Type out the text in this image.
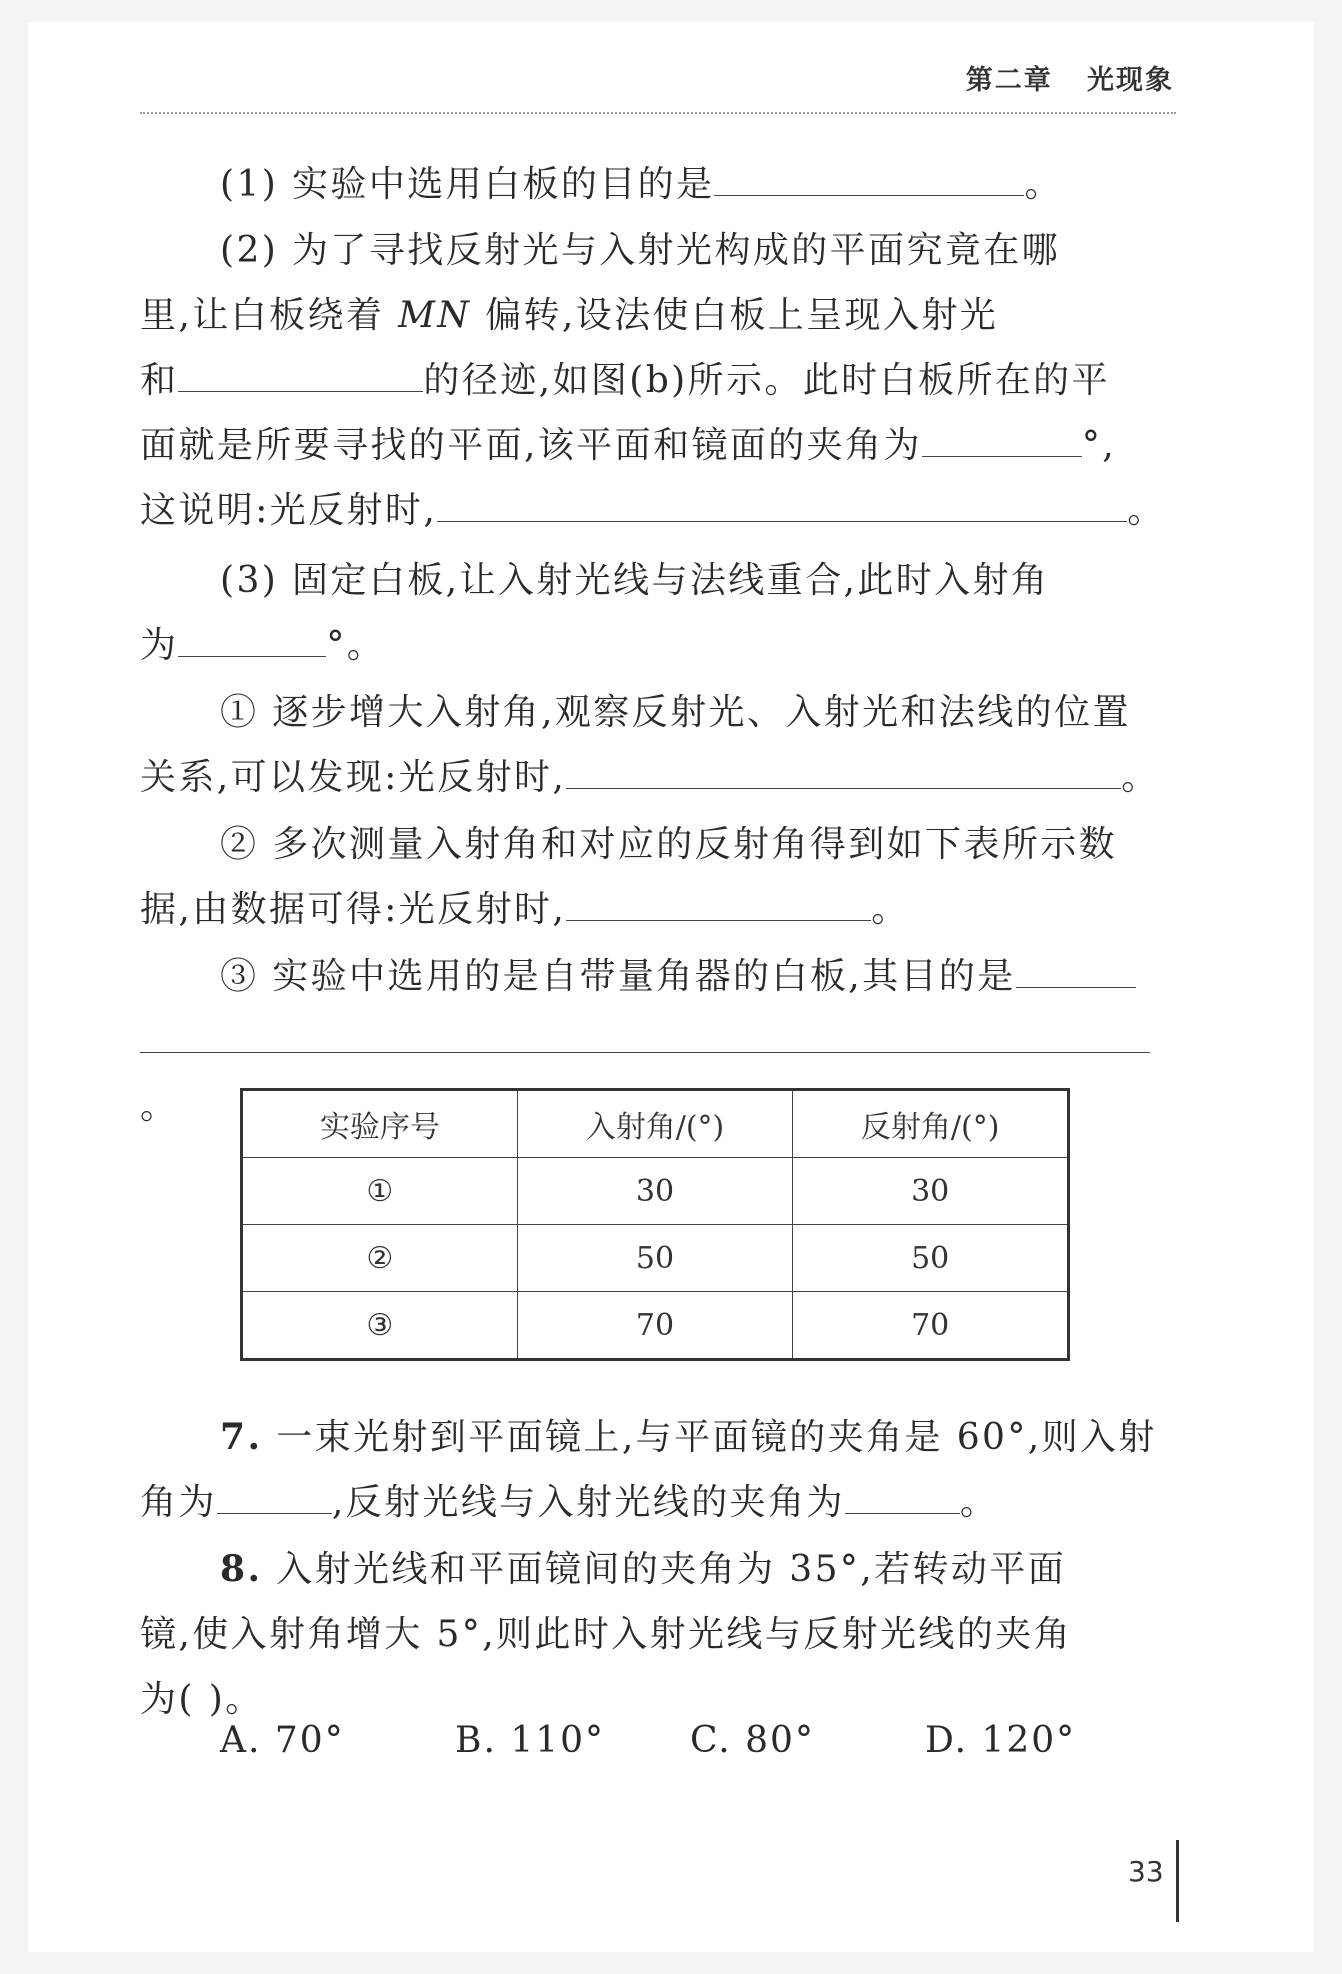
第二章 光现象
(1) 实验中选用白板的目的是	。
(2) 为了寻找反射光与入射光构成的平面究竟在哪
里,让白板绕着 MN 偏转,设法使白板上呈现入射光
和	的径迹,如图(b)所示。此时白板所在的平
面就是所要寻找的平面,该平面和镜面的夹角为	°,
这说明:光反射时,	。
(3) 固定白板,让入射光线与法线重合,此时入射角
为	°。
① 逐步增大入射角,观察反射光、入射光和法线的位置
关系,可以发现:光反射时,	。
② 多次测量入射角和对应的反射角得到如下表所示数
据,由数据可得:光反射时,	。
③ 实验中选用的是自带量角器的白板,其目的是
。
实验序号	入射角/(°)	反射角/(°)
①	30	30
②	50	50
③	70	70
7. 一束光射到平面镜上,与平面镜的夹角是 60°,则入射
角为	,反射光线与入射光线的夹角为	。
8. 入射光线和平面镜间的夹角为 35°,若转动平面
镜,使入射角增大 5°,则此时入射光线与反射光线的夹角
为( )。
A. 70°	B. 110° C. 80°	D. 120°
33
